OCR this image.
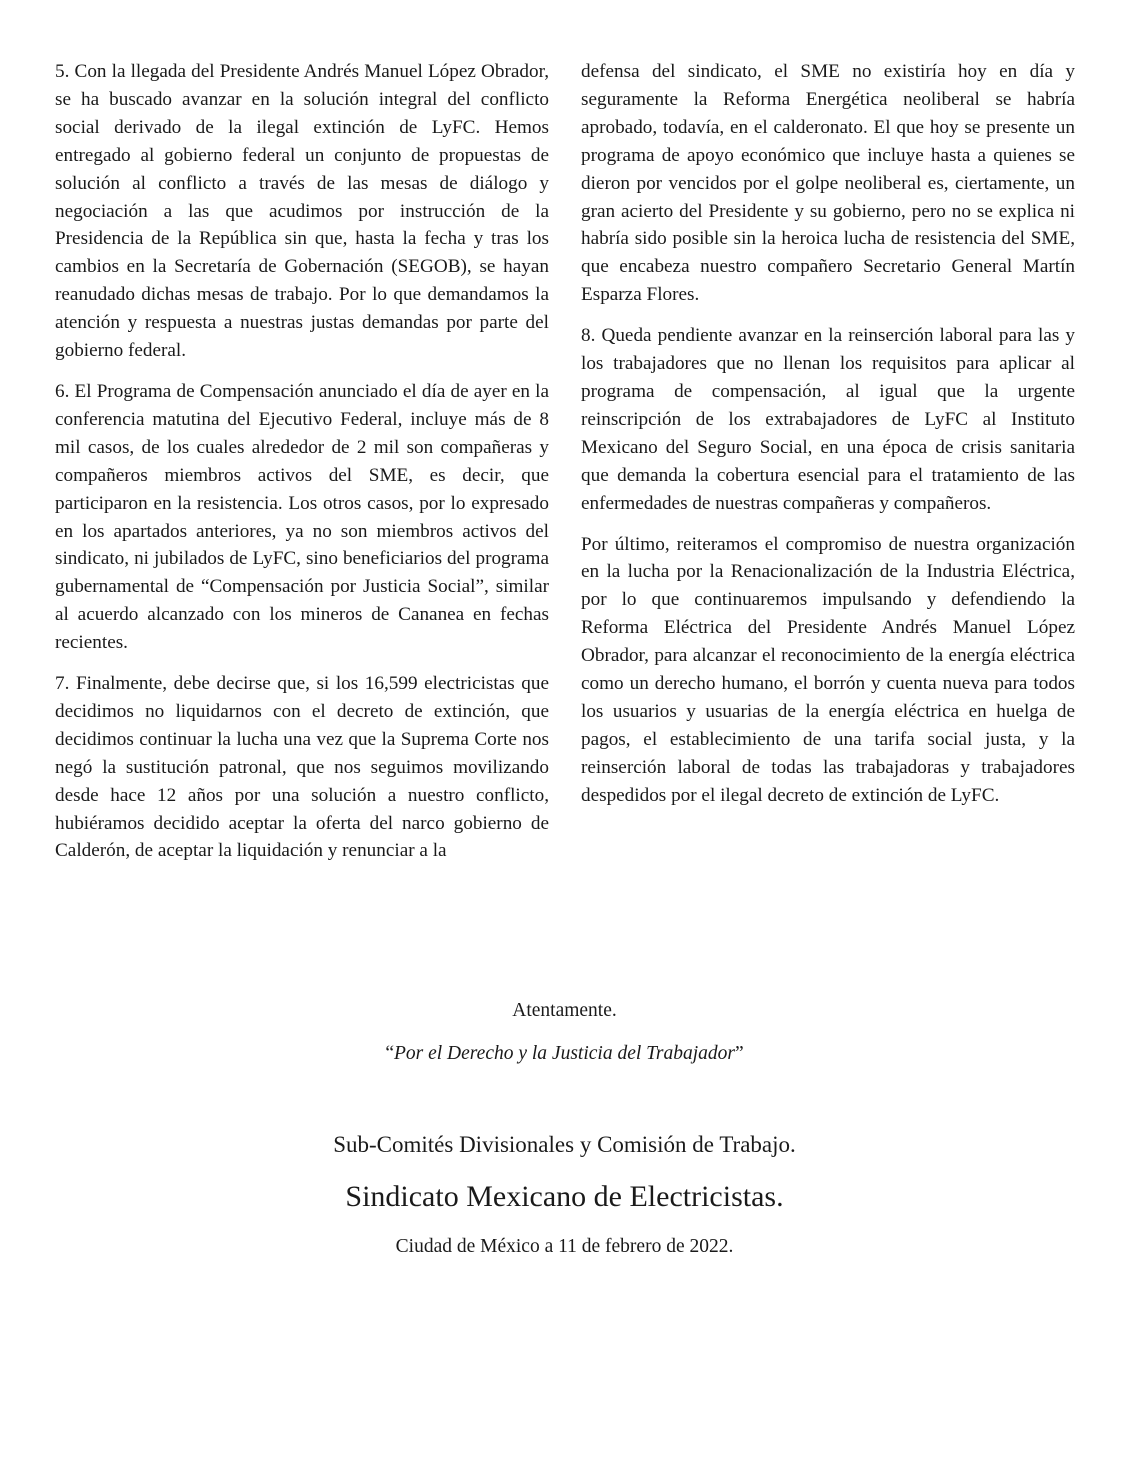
5. Con la llegada del Presidente Andrés Manuel López Obrador, se ha buscado avanzar en la solución integral del conflicto social derivado de la ilegal extinción de LyFC. Hemos entregado al gobierno federal un conjunto de propuestas de solución al conflicto a través de las mesas de diálogo y negociación a las que acudimos por instrucción de la Presidencia de la República sin que, hasta la fecha y tras los cambios en la Secretaría de Gobernación (SEGOB), se hayan reanudado dichas mesas de trabajo. Por lo que demandamos la atención y respuesta a nuestras justas demandas por parte del gobierno federal.

6. El Programa de Compensación anunciado el día de ayer en la conferencia matutina del Ejecutivo Federal, incluye más de 8 mil casos, de los cuales alrededor de 2 mil son compañeras y compañeros miembros activos del SME, es decir, que participaron en la resistencia. Los otros casos, por lo expresado en los apartados anteriores, ya no son miembros activos del sindicato, ni jubilados de LyFC, sino beneficiarios del programa gubernamental de “Compensación por Justicia Social”, similar al acuerdo alcanzado con los mineros de Cananea en fechas recientes.

7. Finalmente, debe decirse que, si los 16,599 electricistas que decidimos no liquidarnos con el decreto de extinción, que decidimos continuar la lucha una vez que la Suprema Corte nos negó la sustitución patronal, que nos seguimos movilizando desde hace 12 años por una solución a nuestro conflicto, hubiéramos decidido aceptar la oferta del narco gobierno de Calderón, de aceptar la liquidación y renunciar a la

defensa del sindicato, el SME no existiría hoy en día y seguramente la Reforma Energética neoliberal se habría aprobado, todavía, en el calderonato. El que hoy se presente un programa de apoyo económico que incluye hasta a quienes se dieron por vencidos por el golpe neoliberal es, ciertamente, un gran acierto del Presidente y su gobierno, pero no se explica ni habría sido posible sin la heroica lucha de resistencia del SME, que encabeza nuestro compañero Secretario General Martín Esparza Flores.

8. Queda pendiente avanzar en la reinserción laboral para las y los trabajadores que no llenan los requisitos para aplicar al programa de compensación, al igual que la urgente reinscripción de los extrabajadores de LyFC al Instituto Mexicano del Seguro Social, en una época de crisis sanitaria que demanda la cobertura esencial para el tratamiento de las enfermedades de nuestras compañeras y compañeros.

Por último, reiteramos el compromiso de nuestra organización en la lucha por la Renacionalización de la Industria Eléctrica, por lo que continuaremos impulsando y defendiendo la Reforma Eléctrica del Presidente Andrés Manuel López Obrador, para alcanzar el reconocimiento de la energía eléctrica como un derecho humano, el borrón y cuenta nueva para todos los usuarios y usuarias de la energía eléctrica en huelga de pagos, el establecimiento de una tarifa social justa, y la reinserción laboral de todas las trabajadoras y trabajadores despedidos por el ilegal decreto de extinción de LyFC.

Atentamente.
“Por el Derecho y la Justicia del Trabajador”
Sub-Comités Divisionales y Comisión de Trabajo.
Sindicato Mexicano de Electricistas.
Ciudad de México a 11 de febrero de 2022.
